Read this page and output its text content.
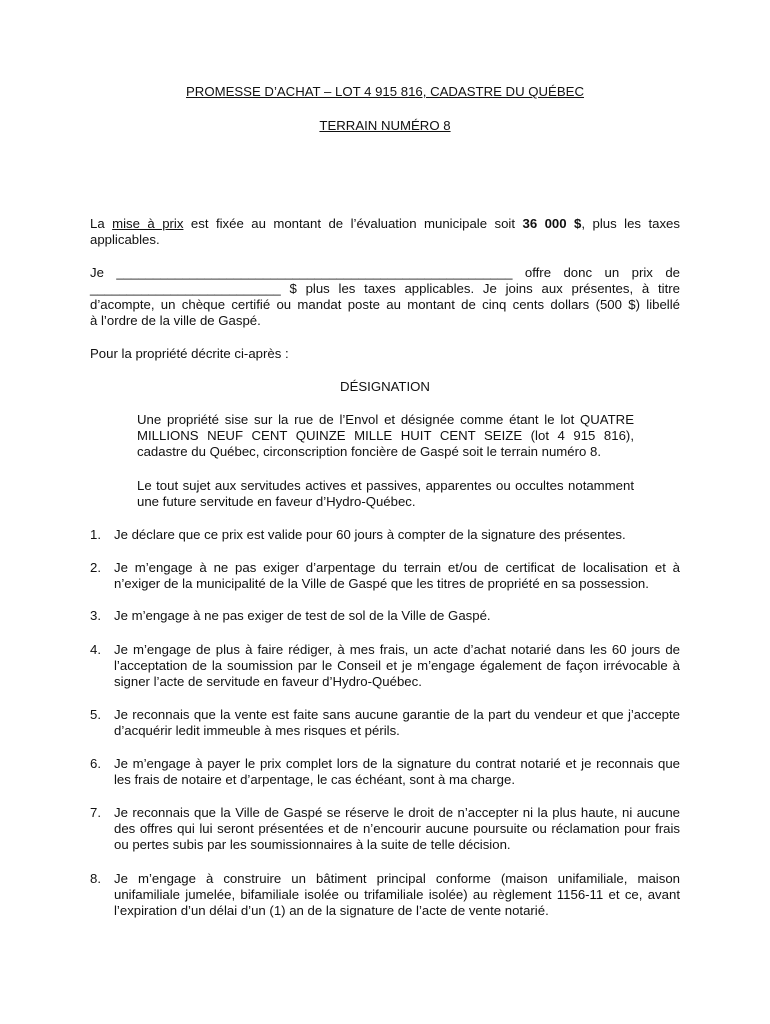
PROMESSE D’ACHAT – LOT 4 915 816, CADASTRE DU QUÉBEC
TERRAIN NUMÉRO 8
La mise à prix est fixée au montant de l’évaluation municipale soit 36 000 $, plus les taxes applicables.
Je ______________________________________________________ offre donc un prix de
__________________________ $ plus les taxes applicables. Je joins aux présentes, à titre
d’acompte, un chèque certifié ou mandat poste au montant de cinq cents dollars (500 $) libellé
à l’ordre de la ville de Gaspé.
Pour la propriété décrite ci-après :
DÉSIGNATION
Une propriété sise sur la rue de l’Envol et désignée comme étant le lot QUATRE MILLIONS NEUF CENT QUINZE MILLE HUIT CENT SEIZE (lot 4 915 816), cadastre du Québec, circonscription foncière de Gaspé soit le terrain numéro 8.
Le tout sujet aux servitudes actives et passives, apparentes ou occultes notamment une future servitude en faveur d’Hydro-Québec.
1. Je déclare que ce prix est valide pour 60 jours à compter de la signature des présentes.
2. Je m’engage à ne pas exiger d’arpentage du terrain et/ou de certificat de localisation et à n’exiger de la municipalité de la Ville de Gaspé que les titres de propriété en sa possession.
3. Je m’engage à ne pas exiger de test de sol de la Ville de Gaspé.
4. Je m’engage de plus à faire rédiger, à mes frais, un acte d’achat notarié dans les 60 jours de l’acceptation de la soumission par le Conseil et je m’engage également de façon irrévocable à signer l’acte de servitude en faveur d’Hydro-Québec.
5. Je reconnais que la vente est faite sans aucune garantie de la part du vendeur et que j’accepte d’acquérir ledit immeuble à mes risques et périls.
6. Je m’engage à payer le prix complet lors de la signature du contrat notarié et je reconnais que les frais de notaire et d’arpentage, le cas échéant, sont à ma charge.
7. Je reconnais que la Ville de Gaspé se réserve le droit de n’accepter ni la plus haute, ni aucune des offres qui lui seront présentées et de n’encourir aucune poursuite ou réclamation pour frais ou pertes subis par les soumissionnaires à la suite de telle décision.
8. Je m’engage à construire un bâtiment principal conforme (maison unifamiliale, maison unifamiliale jumelée, bifamiliale isolée ou trifamiliale isolée) au règlement 1156-11 et ce, avant l’expiration d’un délai d’un (1) an de la signature de l’acte de vente notarié.
